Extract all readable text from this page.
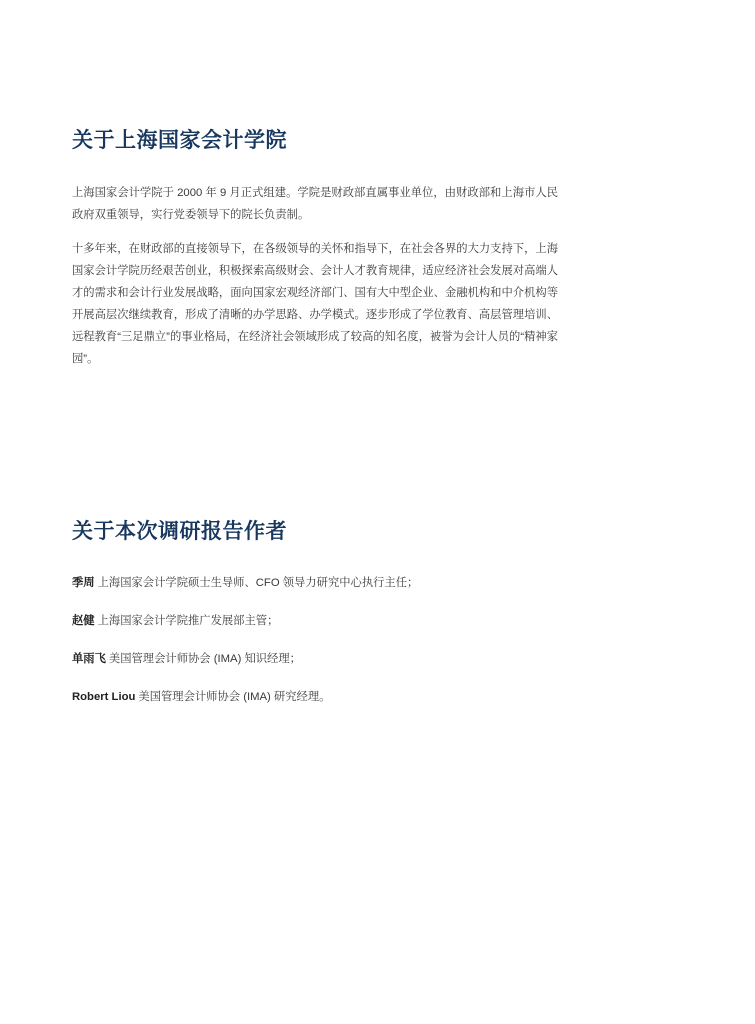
关于上海国家会计学院

上海国家会计学院于 2000 年 9 月正式组建。学院是财政部直属事业单位，由财政部和上海市人民政府双重领导，实行党委领导下的院长负责制。

十多年来，在财政部的直接领导下，在各级领导的关怀和指导下，在社会各界的大力支持下，上海国家会计学院历经艰苦创业，积极探索高级财会、会计人才教育规律，适应经济社会发展对高端人才的需求和会计行业发展战略，面向国家宏观经济部门、国有大中型企业、金融机构和中介机构等开展高层次继续教育，形成了清晰的办学思路、办学模式。逐步形成了学位教育、高层管理培训、远程教育“三足鼎立”的事业格局，在经济社会领域形成了较高的知名度，被誉为会计人员的“精神家园”。

关于本次调研报告作者
季周 上海国家会计学院硕士生导师、CFO 领导力研究中心执行主任；
赵健 上海国家会计学院推广发展部主管；
单雨飞 美国管理会计师协会 (IMA) 知识经理；
Robert Liou 美国管理会计师协会 (IMA) 研究经理。
